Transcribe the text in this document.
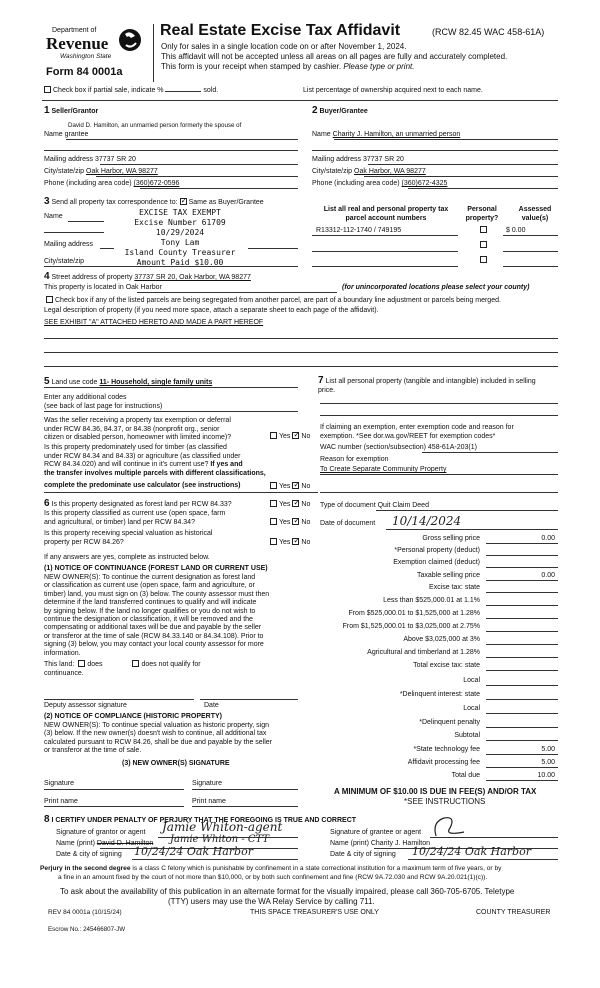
Department of
Revenue
Washington State
Form 84 0001a
Real Estate Excise Tax Affidavit	(RCW 82.45 WAC 458-61A)
Only for sales in a single location code on or after November 1, 2024.
This affidavit will not be accepted unless all areas on all pages are fully and accurately completed.
This form is your receipt when stamped by cashier. Please type or print.
Check box if partial sale, indicate %	sold.	List percentage of ownership acquired next to each name.
1 Seller/Grantor
David D. Hamilton, an unmarried person formerly the spouse of
Name grantee
Mailing address 37737 SR 20
City/state/zip Oak Harbor, WA 98277
Phone (including area code) (360)672-0596
2 Buyer/Grantee
Name Charity J. Hamilton, an unmarried person
Mailing address 37737 SR 20
City/state/zip Oak Harbor, WA 98277
Phone (including area code) (360)672-4325
3 Send all property tax correspondence to: ✓ Same as Buyer/Grantee
Name
Mailing address
City/state/zip
EXCISE TAX EXEMPT
Excise Number 61709
10/29/2024
Tony Lam
Island County Treasurer
Amount Paid $10.00
List all real and personal property tax
parcel account numbers
Personal
property?
Assessed
value(s)
R13312-112-1740 / 749195	$ 0.00
4 Street address of property 37737 SR 20, Oak Harbor, WA 98277
This property is located in Oak Harbor	(for unincorporated locations please select your county)
Check box if any of the listed parcels are being segregated from another parcel, are part of a boundary line adjustment or parcels being merged.
Legal description of property (if you need more space, attach a separate sheet to each page of the affidavit).
SEE EXHIBIT "A" ATTACHED HERETO AND MADE A PART HEREOF
5 Land use code 11- Household, single family units
Enter any additional codes
(see back of last page for instructions)
Was the seller receiving a property tax exemption or deferral
under RCW 84.36, 84.37, or 84.38 (nonprofit org., senior
citizen or disabled person, homeowner with limited income)?	Yes ✓ No
Is this property predominately used for timber (as classified
under RCW 84.34 and 84.33) or agriculture (as classified under
RCW 84.34.020) and will continue in it's current use? If yes and
the transfer involves multiple parcels with different classifications,
complete the predominate use calculator (see instructions)	Yes ✓ No
6 Is this property designated as forest land per RCW 84.33?	Yes ✓ No
Is this property classified as current use (open space, farm
and agricultural, or timber) land per RCW 84.34?	Yes ✓ No
Is this property receiving special valuation as historical
property per RCW 84.26?	Yes ✓ No
If any answers are yes, complete as instructed below.
(1) NOTICE OF CONTINUANCE (FOREST LAND OR CURRENT USE)
NEW OWNER(S): To continue the current designation as forest land
or classification as current use (open space, farm and agriculture, or
timber) land, you must sign on (3) below. The county assessor must then
determine if the land transferred continues to qualify and will indicate
by signing below. If the land no longer qualifies or you do not wish to
continue the designation or classification, it will be removed and the
compensating or additional taxes will be due and payable by the seller
or transferor at the time of sale (RCW 84.33.140 or 84.34.108). Prior to
signing (3) below, you may contact your local county assessor for more
information.
This land: does	does not qualify for
continuance.
Deputy assessor signature	Date
(2) NOTICE OF COMPLIANCE (HISTORIC PROPERTY)
NEW OWNER(S): To continue special valuation as historic property, sign
(3) below. If the new owner(s) doesn't wish to continue, all additional tax
calculated pursuant to RCW 84.26, shall be due and payable by the seller
or transferor at the time of sale.
(3) NEW OWNER(S) SIGNATURE
Signature	Signature
Print name	Print name
7 List all personal property (tangible and intangible) included in selling
price.
If claiming an exemption, enter exemption code and reason for
exemption. *See dor.wa.gov/REET for exemption codes*
WAC number (section/subsection) 458-61A-203(1)
Reason for exemption
To Create Separate Community Property
Type of document Quit Claim Deed
Date of document 10/14/2024
Gross selling price	0.00
*Personal property (deduct)
Exemption claimed (deduct)
Taxable selling price	0.00
Excise tax: state
Less than $525,000.01 at 1.1%
From $525,000.01 to $1,525,000 at 1.28%
From $1,525,000.01 to $3,025,000 at 2.75%
Above $3,025,000 at 3%
Agricultural and timberland at 1.28%
Total excise tax: state
Local
*Delinquent interest: state
Local
*Delinquent penalty
Subtotal
*State technology fee	5.00
Affidavit processing fee	5.00
Total due	10.00
A MINIMUM OF $10.00 IS DUE IN FEE(S) AND/OR TAX
*SEE INSTRUCTIONS
8 I CERTIFY UNDER PENALTY OF PERJURY THAT THE FOREGOING IS TRUE AND CORRECT
Signature of grantor or agent Jamie Whiton-agent
Name (print) David D. Hamilton Jamie Whiton - CTT
Date & city of signing 10/24/24 Oak Harbor
Signature of grantee or agent
Name (print) Charity J. Hamilton
Date & city of signing 10/24/24 Oak Harbor
Perjury in the second degree is a class C felony which is punishable by confinement in a state correctional institution for a maximum term of five years, or by
a fine in an amount fixed by the court of not more than $10,000, or by both such confinement and fine (RCW 9A.72.030 and RCW 9A.20.021(1)(c)).
To ask about the availability of this publication in an alternate format for the visually impaired, please call 360-705-6705. Teletype
(TTY) users may use the WA Relay Service by calling 711.
REV 84 0001a (10/15/24)	THIS SPACE TREASURER'S USE ONLY	COUNTY TREASURER
Escrow No.: 245466807-JW
